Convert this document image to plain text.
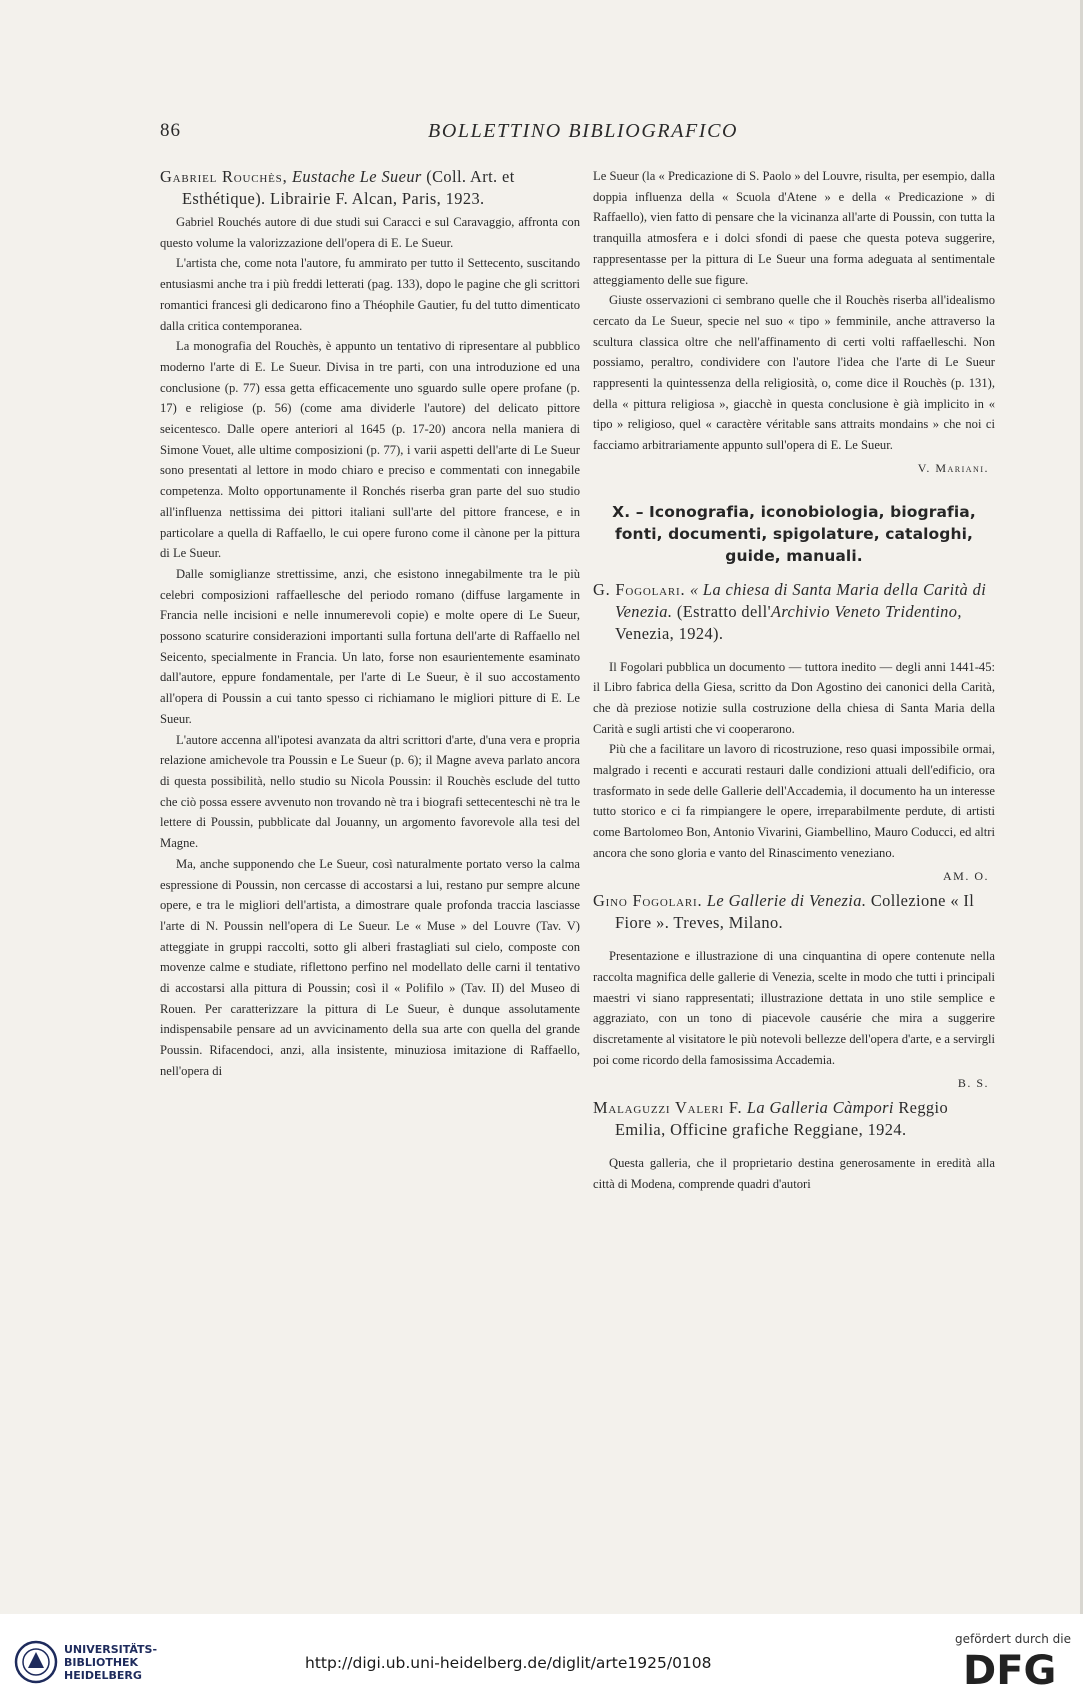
86	BOLLETTINO BIBLIOGRAFICO
Gabriel Rouchès, Eustache Le Sueur (Coll. Art. et Esthétique). Librairie F. Alcan, Paris, 1923.

Gabriel Rouchés autore di due studi sui Caracci e sul Caravaggio, affronta con questo volume la valorizzazione dell'opera di E. Le Sueur.

L'artista che, come nota l'autore, fu ammirato per tutto il Settecento, suscitando entusiasmi anche tra i più freddi letterati (pag. 133), dopo le pagine che gli scrittori romantici francesi gli dedicarono fino a Théophile Gautier, fu del tutto dimenticato dalla critica contemporanea.

La monografia del Rouchès, è appunto un tentativo di ripresentare al pubblico moderno l'arte di E. Le Sueur. Divisa in tre parti, con una introduzione ed una conclusione (p. 77) essa getta efficacemente uno sguardo sulle opere profane (p. 17) e religiose (p. 56) (come ama dividerle l'autore) del delicato pittore seicentesco. Dalle opere anteriori al 1645 (p. 17-20) ancora nella maniera di Simone Vouet, alle ultime composizioni (p. 77), i varii aspetti dell'arte di Le Sueur sono presentati al lettore in modo chiaro e preciso e commentati con innegabile competenza. Molto opportunamente il Ronchés riserba gran parte del suo studio all'influenza nettissima dei pittori italiani sull'arte del pittore francese, e in particolare a quella di Raffaello, le cui opere furono come il cànone per la pittura di Le Sueur.

Dalle somiglianze strettissime, anzi, che esistono innegabilmente tra le più celebri composizioni raffaellesche del periodo romano (diffuse largamente in Francia nelle incisioni e nelle innumerevoli copie) e molte opere di Le Sueur, possono scaturire considerazioni importanti sulla fortuna dell'arte di Raffaello nel Seicento, specialmente in Francia. Un lato, forse non esaurientemente esaminato dall'autore, eppure fondamentale, per l'arte di Le Sueur, è il suo accostamento all'opera di Poussin a cui tanto spesso ci richiamano le migliori pitture di E. Le Sueur.

L'autore accenna all'ipotesi avanzata da altri scrittori d'arte, d'una vera e propria relazione amichevole tra Poussin e Le Sueur (p. 6); il Magne aveva parlato ancora di questa possibilità, nello studio su Nicola Poussin: il Rouchès esclude del tutto che ciò possa essere avvenuto non trovando nè tra i biografi settecenteschi nè tra le lettere di Poussin, pubblicate dal Jouanny, un argomento favorevole alla tesi del Magne.

Ma, anche supponendo che Le Sueur, così naturalmente portato verso la calma espressione di Poussin, non cercasse di accostarsi a lui, restano pur sempre alcune opere, e tra le migliori dell'artista, a dimostrare quale profonda traccia lasciasse l'arte di N. Poussin nell'opera di Le Sueur. Le « Muse » del Louvre (Tav. V) atteggiate in gruppi raccolti, sotto gli alberi frastagliati sul cielo, composte con movenze calme e studiate, riflettono perfino nel modellato delle carni il tentativo di accostarsi alla pittura di Poussin; così il « Polifilo » (Tav. II) del Museo di Rouen. Per caratterizzare la pittura di Le Sueur, è dunque assolutamente indispensabile pensare ad un avvicinamento della sua arte con quella del grande Poussin. Rifacendoci, anzi, alla insistente, minuziosa imitazione di Raffaello, nell'opera di

Le Sueur (la « Predicazione di S. Paolo » del Louvre, risulta, per esempio, dalla doppia influenza della « Scuola d'Atene » e della « Predicazione » di Raffaello), vien fatto di pensare che la vicinanza all'arte di Poussin, con tutta la tranquilla atmosfera e i dolci sfondi di paese che questa poteva suggerire, rappresentasse per la pittura di Le Sueur una forma adeguata al sentimentale atteggiamento delle sue figure.

Giuste osservazioni ci sembrano quelle che il Rouchès riserba all'idealismo cercato da Le Sueur, specie nel suo « tipo » femminile, anche attraverso la scultura classica oltre che nell'affinamento di certi volti raffaelleschi. Non possiamo, peraltro, condividere con l'autore l'idea che l'arte di Le Sueur rappresenti la quintessenza della religiosità, o, come dice il Rouchès (p. 131), della « pittura religiosa », giacchè in questa conclusione è già implicito in « tipo » religioso, quel « caractère véritable sans attraits mondains » che noi ci facciamo arbitrariamente appunto sull'opera di E. Le Sueur.

V. Mariani.
X. – Iconografia, iconobiologia, biografia, fonti, documenti, spigolature, cataloghi, guide, manuali.
G. Fogolari. « La chiesa di Santa Maria della Carità di Venezia. (Estratto dell'Archivio Veneto Tridentino, Venezia, 1924).

Il Fogolari pubblica un documento — tuttora inedito — degli anni 1441-45: il Libro fabrica della Giesa, scritto da Don Agostino dei canonici della Carità, che dà preziose notizie sulla costruzione della chiesa di Santa Maria della Carità e sugli artisti che vi cooperarono.

Più che a facilitare un lavoro di ricostruzione, reso quasi impossibile ormai, malgrado i recenti e accurati restauri dalle condizioni attuali dell'edificio, ora trasformato in sede delle Gallerie dell'Accademia, il documento ha un interesse tutto storico e ci fa rimpiangere le opere, irreparabilmente perdute, di artisti come Bartolomeo Bon, Antonio Vivarini, Giambellino, Mauro Coducci, ed altri ancora che sono gloria e vanto del Rinascimento veneziano.

AM. O.
Gino Fogolari. Le Gallerie di Venezia. Collezione « Il Fiore ». Treves, Milano.

Presentazione e illustrazione di una cinquantina di opere contenute nella raccolta magnifica delle gallerie di Venezia, scelte in modo che tutti i principali maestri vi siano rappresentati; illustrazione dettata in uno stile semplice e aggraziato, con un tono di piacevole causérie che mira a suggerire discretamente al visitatore le più notevoli bellezze dell'opera d'arte, e a servirgli poi come ricordo della famosissima Accademia.

B. S.
Malaguzzi Valeri F. La Galleria Càmpori Reggio Emilia, Officine grafiche Reggiane, 1924.

Questa galleria, che il proprietario destina generosamente in eredità alla città di Modena, comprende quadri d'autori

UNIVERSITÄTS-
BIBLIOTHEK
HEIDELBERG
http://digi.ub.uni-heidelberg.de/diglit/arte1925/0108
gefördert durch die
DFG
